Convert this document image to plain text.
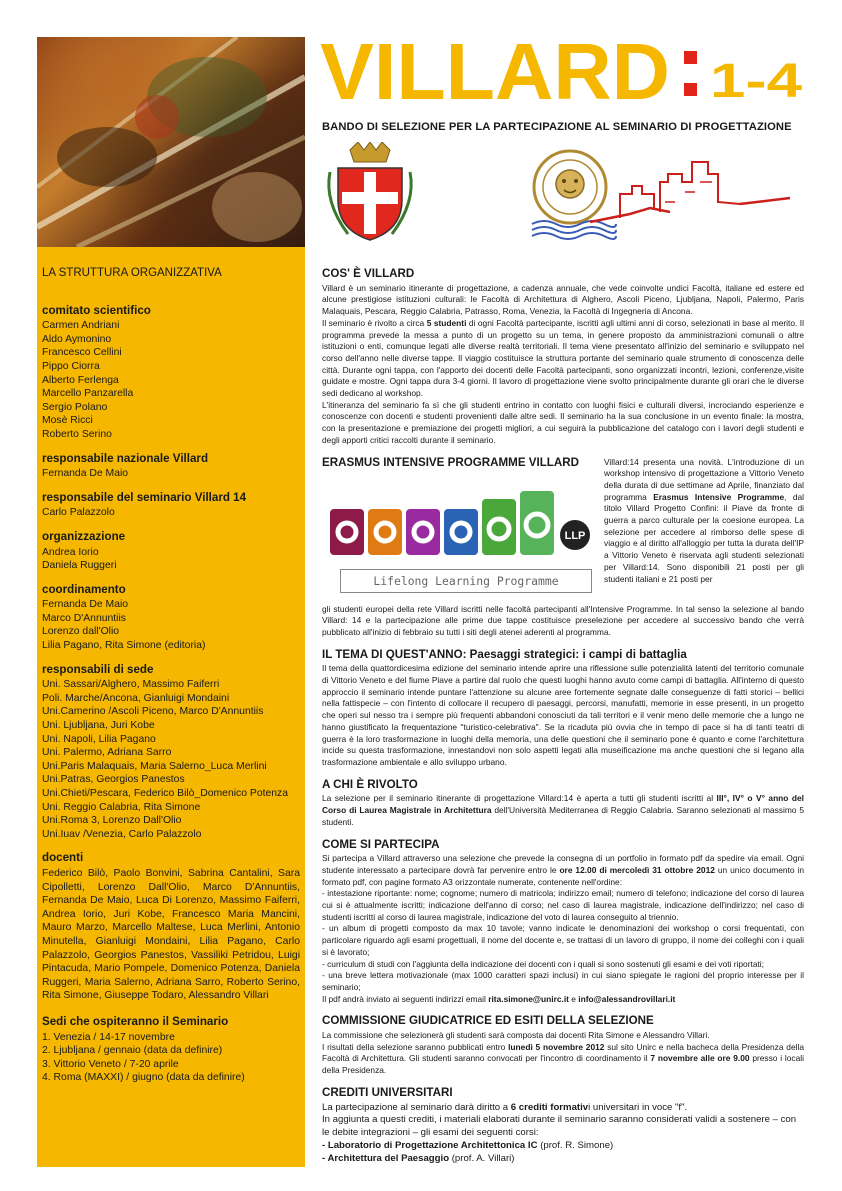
VILLARD 1-4
BANDO DI SELEZIONE PER LA PARTECIPAZIONE AL SEMINARIO DI PROGETTAZIONE
LA STRUTTURA ORGANIZZATIVA
comitato scientifico
Carmen Andriani
Aldo Aymonino
Francesco Cellini
Pippo Ciorra
Alberto Ferlenga
Marcello Panzarella
Sergio Polano
Mosè Ricci
Roberto Serino
responsabile nazionale Villard
Fernanda De Maio
responsabile del seminario Villard 14
Carlo Palazzolo
organizzazione
Andrea Iorio
Daniela Ruggeri
coordinamento
Fernanda De Maio
Marco D'Annuntiis
Lorenzo dall'Olio
Lilia Pagano, Rita Simone (editoria)
responsabili di sede
Uni. Sassari/Alghero, Massimo Faiferri
Poli. Marche/Ancona, Gianluigi Mondaini
Uni.Camerino /Ascoli Piceno, Marco D'Annuntiis
Uni. Ljubljana, Juri Kobe
Uni. Napoli, Lilia Pagano
Uni. Palermo, Adriana Sarro
Uni.Paris Malaquais, Maria Salerno_Luca Merlini
Uni.Patras, Georgios Panestos
Uni.Chieti/Pescara, Federico Bilò_Domenico Potenza
Uni. Reggio Calabria, Rita Simone
Uni.Roma 3, Lorenzo Dall'Olio
Uni.Iuav /Venezia, Carlo Palazzolo
docenti
Federico Bilò, Paolo Bonvini, Sabrina Cantalini, Sara Cipolletti, Lorenzo Dall'Olio, Marco D'Annuntiis, Fernanda De Maio, Luca Di Lorenzo, Massimo Faiferri, Andrea Iorio, Juri Kobe, Francesco Maria Mancini, Mauro Marzo, Marcello Maltese, Luca Merlini, Antonio Minutella, Gianluigi Mondaini, Lilia Pagano, Carlo Palazzolo, Georgios Panestos, Vassiliki Petridou, Luigi Pintacuda, Mario Pompele, Domenico Potenza, Daniela Ruggeri, Maria Salerno, Adriana Sarro, Roberto Serino, Rita Simone, Giuseppe Todaro, Alessandro Villari
Sedi che ospiteranno il Seminario
1. Venezia / 14-17 novembre
2. Ljubljana / gennaio (data da definire)
3. Vittorio Veneto / 7-20 aprile
4. Roma (MAXXI) / giugno (data da definire)
COS' È VILLARD

Villard è un seminario itinerante di progettazione, a cadenza annuale, che vede coinvolte undici Facoltà, italiane ed estere ed alcune prestigiose istituzioni culturali: le Facoltà di Architettura di Alghero, Ascoli Piceno, Ljubljana, Napoli, Palermo, Paris Malaquais, Pescara, Reggio Calabria, Patrasso, Roma, Venezia, la Facoltà di Ingegneria di Ancona.

Il seminario è rivolto a circa 5 studenti di ogni Facoltà partecipante, iscritti agli ultimi anni di corso, selezionati in base al merito. Il programma prevede la messa a punto di un progetto su un tema, in genere proposto da amministrazioni comunali o altre istituzioni o enti, comunque legati alle diverse realtà territoriali. Il tema viene presentato all'inizio del seminario e sviluppato nel corso dell'anno nelle diverse tappe. Il viaggio costituisce la struttura portante del seminario quale strumento di conoscenza delle città. Durante ogni tappa, con l'apporto dei docenti delle Facoltà partecipanti, sono organizzati incontri, lezioni, conferenze,visite guidate e mostre. Ogni tappa dura 3-4 giorni. Il lavoro di progettazione viene svolto principalmente durante gli orari che le diverse sedi dedicano al workshop.

L'itineranza del seminario fa sì che gli studenti entrino in contatto con luoghi fisici e culturali diversi, incrociando esperienze e conoscenze con docenti e studenti provenienti dalle altre sedi. Il seminario ha la sua conclusione in un evento finale: la mostra, con la presentazione e premiazione dei progetti migliori, a cui seguirà la pubblicazione del catalogo con i lavori degli studenti e degli apporti critici raccolti durante il seminario.

ERASMUS INTENSIVE PROGRAMME VILLARD
LLP
Lifelong Learning Programme
Villard:14 presenta una novità. L'introduzione di un workshop intensivo di progettazione a Vittorio Veneto della durata di due settimane ad Aprile, finanziato dal programma Erasmus Intensive Programme, dal titolo Villard Progetto Confini: il Piave da fronte di guerra a parco culturale per la coesione europea. La selezione per accedere al rimborso delle spese di viaggio e al diritto all'alloggio per tutta la durata dell'IP a Vittorio Veneto è riservata agli studenti selezionati per Villard:14. Sono disponibili 21 posti per gli studenti italiani e 21 posti per

gli studenti europei della rete Villard iscritti nelle facoltà partecipanti all'Intensive Programme. In tal senso la selezione al bando Villard: 14 e la partecipazione alle prime due tappe costituisce preselezione per accedere al successivo bando che verrà pubblicato all'inizio di febbraio su tutti i siti degli atenei aderenti al programma.

IL TEMA DI QUEST'ANNO: Paesaggi strategici: i campi di battaglia

Il tema della quattordicesima edizione del seminario intende aprire una riflessione sulle potenzialità latenti del territorio comunale di Vittorio Veneto e del fiume Piave a partire dal ruolo che questi luoghi hanno avuto come campi di battaglia. All'interno di questo approccio il seminario intende puntare l'attenzione su alcune aree fortemente segnate dalle conseguenze di fatti storici – bellici nella fattispecie – con l'intento di collocare il recupero di paesaggi, percorsi, manufatti, memorie in esse presenti, in un progetto che operi sul nesso tra i sempre più frequenti abbandoni conosciuti da tali territori e il venir meno delle memorie che a lungo ne hanno giustificato la frequentazione "turistico-celebrativa". Se la ricaduta più ovvia che in tempo di pace si ha di tanti teatri di guerra è la loro trasformazione in luoghi della memoria, una delle questioni che il seminario pone è quanto e come l'architettura incide su questa trasformazione, innestandovi non solo aspetti legati alla museificazione ma anche questioni che si legano alla trasformazione ambientale e allo sviluppo urbano.

A CHI È RIVOLTO

La selezione per il seminario itinerante di progettazione Villard:14 è aperta a tutti gli studenti iscritti al III°, IV° o V° anno del Corso di Laurea Magistrale in Architettura dell'Università Mediterranea di Reggio Calabria. Saranno selezionati al massimo 5 studenti.

COME SI PARTECIPA

Si partecipa a Villard attraverso una selezione che prevede la consegna di un portfolio in formato pdf da spedire via email. Ogni studente interessato a partecipare dovrà far pervenire entro le ore 12.00 di mercoledì 31 ottobre 2012 un unico documento in formato pdf, con pagine formato A3 orizzontale numerate, contenente nell'ordine:

- intestazione riportante: nome; cognome; numero di matricola; indirizzo email; numero di telefono; indicazione del corso di laurea cui si è attualmente iscritti; indicazione dell'anno di corso; nel caso di laurea magistrale, indicazione dell'indirizzo; nel caso di studenti iscritti al corso di laurea magistrale, indicazione del voto di laurea conseguito al triennio.

- un album di progetti composto da max 10 tavole; vanno indicate le denominazioni dei workshop o corsi frequentati, con particolare riguardo agli esami progettuali, il nome del docente e, se trattasi di un lavoro di gruppo, il nome dei colleghi con i quali si è lavorato;

- curriculum di studi con l'aggiunta della indicazione dei docenti con i quali si sono sostenuti gli esami e dei voti riportati;

- una breve lettera motivazionale (max 1000 caratteri spazi inclusi) in cui siano spiegate le ragioni del proprio interesse per il seminario;

Il pdf andrà inviato ai seguenti indirizzi email rita.simone@unirc.it e info@alessandrovillari.it

COMMISSIONE GIUDICATRICE ED ESITI DELLA SELEZIONE

La commissione che selezionerà gli studenti sarà composta dai docenti Rita Simone e Alessandro Villari.

I risultati della selezione saranno pubblicati entro lunedì 5 novembre 2012 sul sito Unirc e nella bacheca della Presidenza della Facoltà di Architettura. Gli studenti saranno convocati per l'incontro di coordinamento il 7 novembre alle ore 9.00 presso i locali della Presidenza.

CREDITI UNIVERSITARI
La partecipazione al seminario darà diritto a 6 crediti formativi universitari in voce "f".
In aggiunta a questi crediti, i materiali elaborati durante il seminario saranno considerati validi a sostenere – con le debite integrazioni – gli esami dei seguenti corsi:
- Laboratorio di Progettazione Architettonica IC (prof. R. Simone)
- Architettura del Paesaggio (prof. A. Villari)
